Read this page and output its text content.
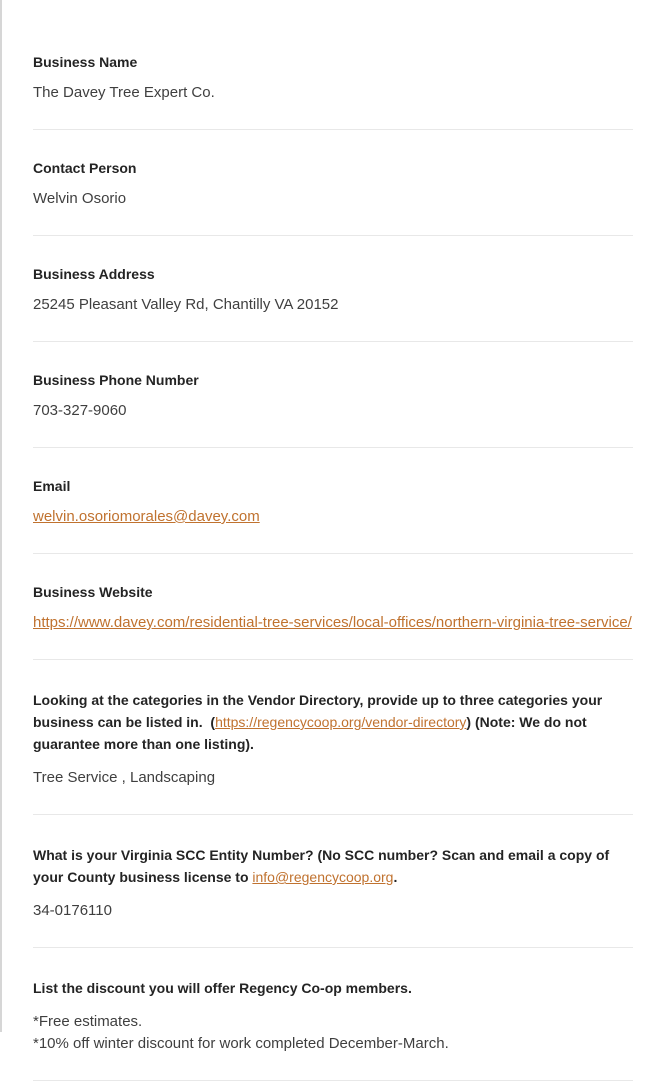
Business Name
The Davey Tree Expert Co.
Contact Person
Welvin Osorio
Business Address
25245 Pleasant Valley Rd, Chantilly VA 20152
Business Phone Number
703-327-9060
Email
welvin.osoriomorales@davey.com
Business Website
https://www.davey.com/residential-tree-services/local-offices/northern-virginia-tree-service/
Looking at the categories in the Vendor Directory, provide up to three categories your business can be listed in.  (https://regencycoop.org/vendor-directory) (Note: We do not guarantee more than one listing).
Tree Service , Landscaping
What is your Virginia SCC Entity Number? (No SCC number? Scan and email a copy of your County business license to info@regencycoop.org.
34-0176110
List the discount you will offer Regency Co-op members.
*Free estimates.
*10% off winter discount for work completed December-March.
